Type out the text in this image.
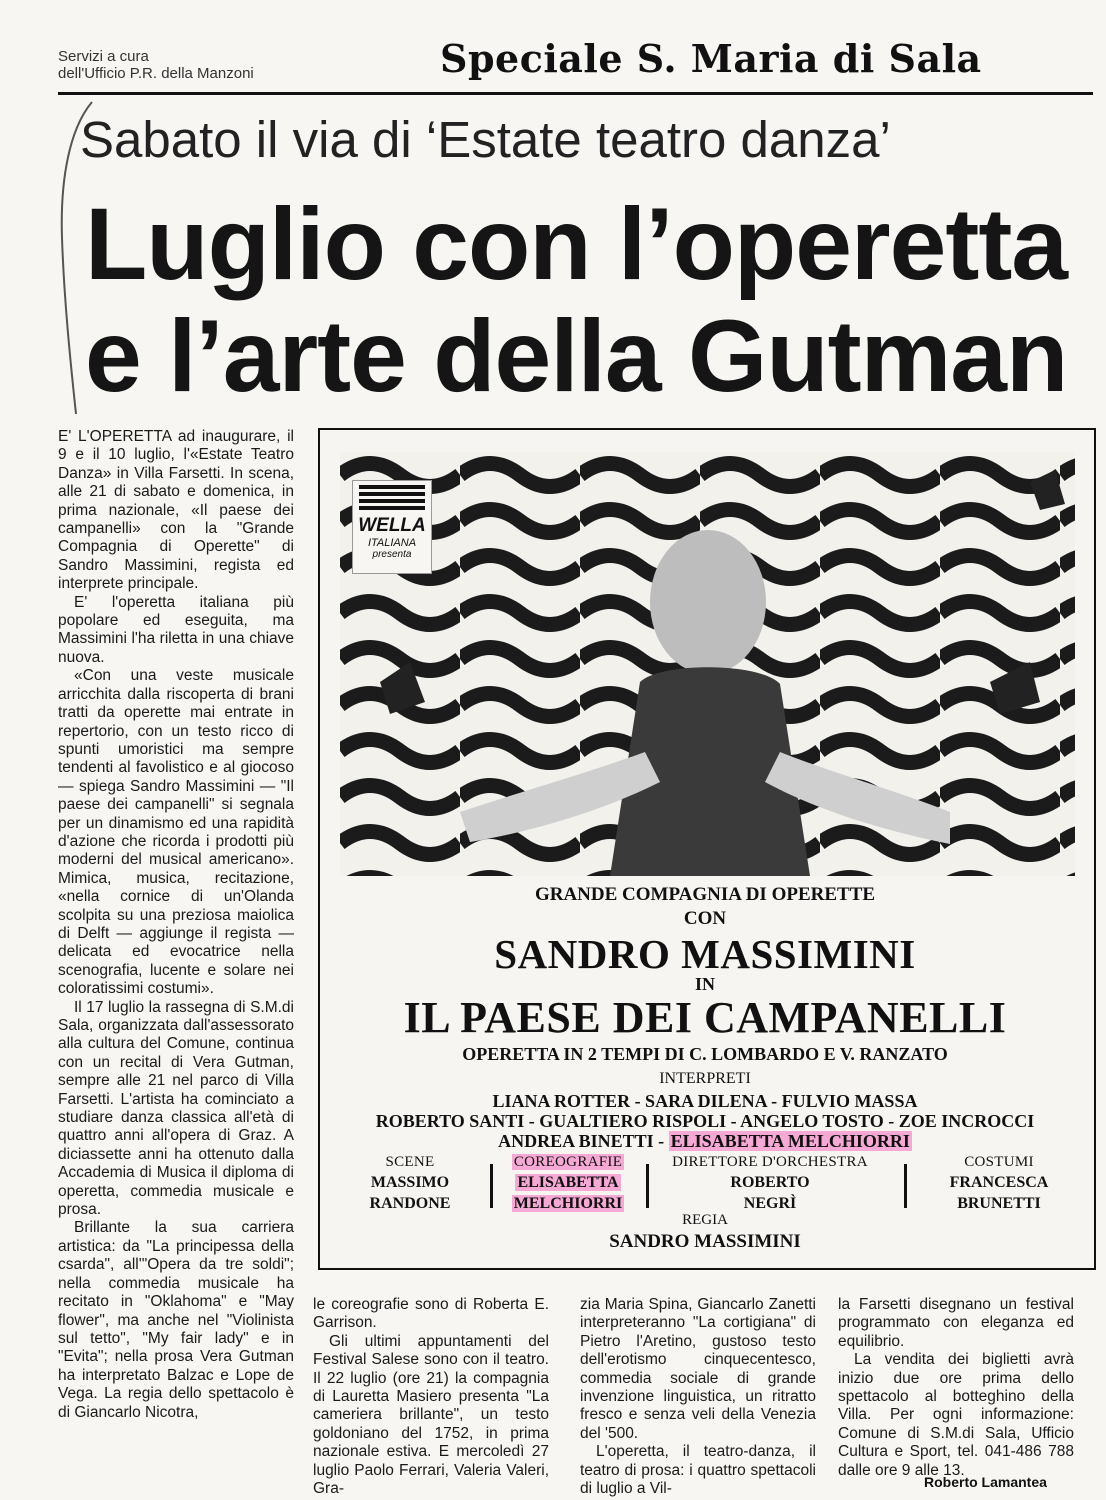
Servizi a cura
dell'Ufficio P.R. della Manzoni	Speciale S. Maria di Sala
Sabato il via di ‘Estate teatro danza’
Luglio con l’operetta
e l’arte della Gutman

E' L'OPERETTA ad inaugurare, il 9 e il 10 luglio, l'«Estate Teatro Danza» in Villa Farsetti. In scena, alle 21 di sabato e domenica, in prima nazionale, «Il paese dei campanelli» con la "Grande Compagnia di Operette" di Sandro Massimini, regista ed interprete principale.

E' l'operetta italiana più popolare ed eseguita, ma Massimini l'ha riletta in una chiave nuova.

«Con una veste musicale arricchita dalla riscoperta di brani tratti da operette mai entrate in repertorio, con un testo ricco di spunti umoristici ma sempre tendenti al favolistico e al giocoso — spiega Sandro Massimini — "Il paese dei campanelli" si segnala per un dinamismo ed una rapidità d'azione che ricorda i prodotti più moderni del musical americano». Mimica, musica, recitazione, «nella cornice di un'Olanda scolpita su una preziosa maiolica di Delft — aggiunge il regista — delicata ed evocatrice nella scenografia, lucente e solare nei coloratissimi costumi».

Il 17 luglio la rassegna di S.M.di Sala, organizzata dall'assessorato alla cultura del Comune, continua con un recital di Vera Gutman, sempre alle 21 nel parco di Villa Farsetti. L'artista ha cominciato a studiare danza classica all'età di quattro anni all'opera di Graz. A diciassette anni ha ottenuto dalla Accademia di Musica il diploma di operetta, commedia musicale e prosa.

Brillante la sua carriera artistica: da "La principessa della csarda", all'"Opera da tre soldi"; nella commedia musicale ha recitato in "Oklahoma" e "May flower", ma anche nel "Violinista sul tetto", "My fair lady" e in "Evita"; nella prosa Vera Gutman ha interpretato Balzac e Lope de Vega. La regia dello spettacolo è di Giancarlo Nicotra,

WELLA
ITALIANA
presenta
GRANDE COMPAGNIA DI OPERETTE
CON
SANDRO MASSIMINI
IN
IL PAESE DEI CAMPANELLI
OPERETTA IN 2 TEMPI DI C. LOMBARDO E V. RANZATO
INTERPRETI
LIANA ROTTER - SARA DILENA - FULVIO MASSA
ROBERTO SANTI - GUALTIERO RISPOLI - ANGELO TOSTO - ZOE INCROCCI
ANDREA BINETTI - ELISABETTA MELCHIORRI
SCENE
MASSIMO
RANDONE
COREOGRAFIE
ELISABETTA
MELCHIORRI
DIRETTORE D'ORCHESTRA
ROBERTO
NEGRÌ
COSTUMI
FRANCESCA
BRUNETTI
REGIA
SANDRO MASSIMINI

le coreografie sono di Roberta E. Garrison.

Gli ultimi appuntamenti del Festival Salese sono con il teatro. Il 22 luglio (ore 21) la compagnia di Lauretta Masiero presenta "La cameriera brillante", un testo goldoniano del 1752, in prima nazionale estiva. E mercoledì 27 luglio Paolo Ferrari, Valeria Valeri, Gra-

zia Maria Spina, Giancarlo Zanetti interpreteranno "La cortigiana" di Pietro l'Aretino, gustoso testo dell'erotismo cinquecentesco, commedia sociale di grande invenzione linguistica, un ritratto fresco e senza veli della Venezia del '500.

L'operetta, il teatro-danza, il teatro di prosa: i quattro spettacoli di luglio a Vil-

la Farsetti disegnano un festival programmato con eleganza ed equilibrio.

La vendita dei biglietti avrà inizio due ore prima dello spettacolo al botteghino della Villa. Per ogni informazione: Comune di S.M.di Sala, Ufficio Cultura e Sport, tel. 041-486 788 dalle ore 9 alle 13.

Roberto Lamantea
